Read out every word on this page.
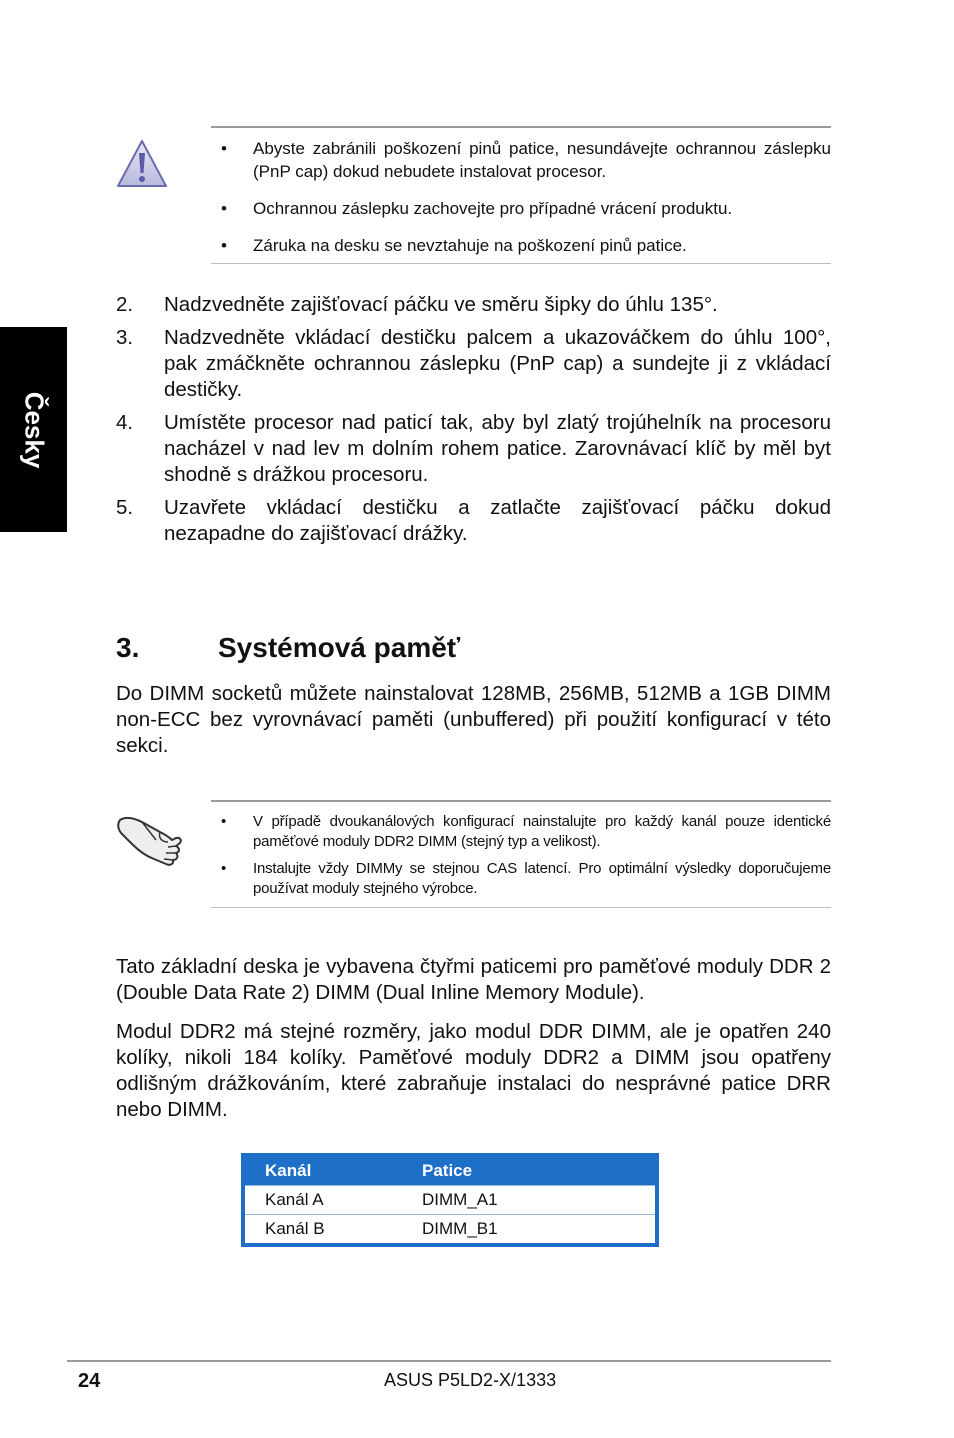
Česky
• Abyste zabránili poškození pinů patice, nesundávejte ochrannou záslepku (PnP cap) dokud nebudete instalovat procesor.
• Ochrannou záslepku zachovejte pro případné vrácení produktu.
• Záruka na desku se nevztahuje na poškození pinů patice.
2. Nadzvedněte zajišťovací páčku ve směru šipky do úhlu 135°.
3. Nadzvedněte vkládací destičku palcem a ukazováčkem do úhlu 100°, pak zmáčkněte ochrannou záslepku (PnP cap) a sundejte ji z vkládací destičky.
4. Umístěte procesor nad paticí tak, aby byl zlatý trojúhelník na procesoru nacházel v nad lev m dolním rohem patice. Zarovnávací klíč by měl byt shodně s drážkou procesoru.
5. Uzavřete vkládací destičku a zatlačte zajišťovací páčku dokud nezapadne do zajišťovací drážky.
3.	Systémová paměť
Do DIMM socketů můžete nainstalovat 128MB, 256MB, 512MB a 1GB DIMM non-ECC bez vyrovnávací paměti (unbuffered) při použití konfigurací v této sekci.
• V případě dvoukanálových konfigurací nainstalujte pro každý kanál pouze identické paměťové moduly DDR2 DIMM (stejný typ a velikost).
• Instalujte vždy DIMMy se stejnou CAS latencí. Pro optimální výsledky doporučujeme používat moduly stejného výrobce.
Tato základní deska je vybavena čtyřmi paticemi pro paměťové moduly DDR 2 (Double Data Rate 2) DIMM (Dual Inline Memory Module).
Modul DDR2 má stejné rozměry, jako modul DDR DIMM, ale je opatřen 240 kolíky, nikoli 184 kolíky. Paměťové moduly DDR2 a DIMM jsou opatřeny odlišným drážkováním, které zabraňuje instalaci do nesprávné patice DRR nebo DIMM.
Kanál	Patice
Kanál A	DIMM_A1
Kanál B	DIMM_B1
24	ASUS P5LD2-X/1333
